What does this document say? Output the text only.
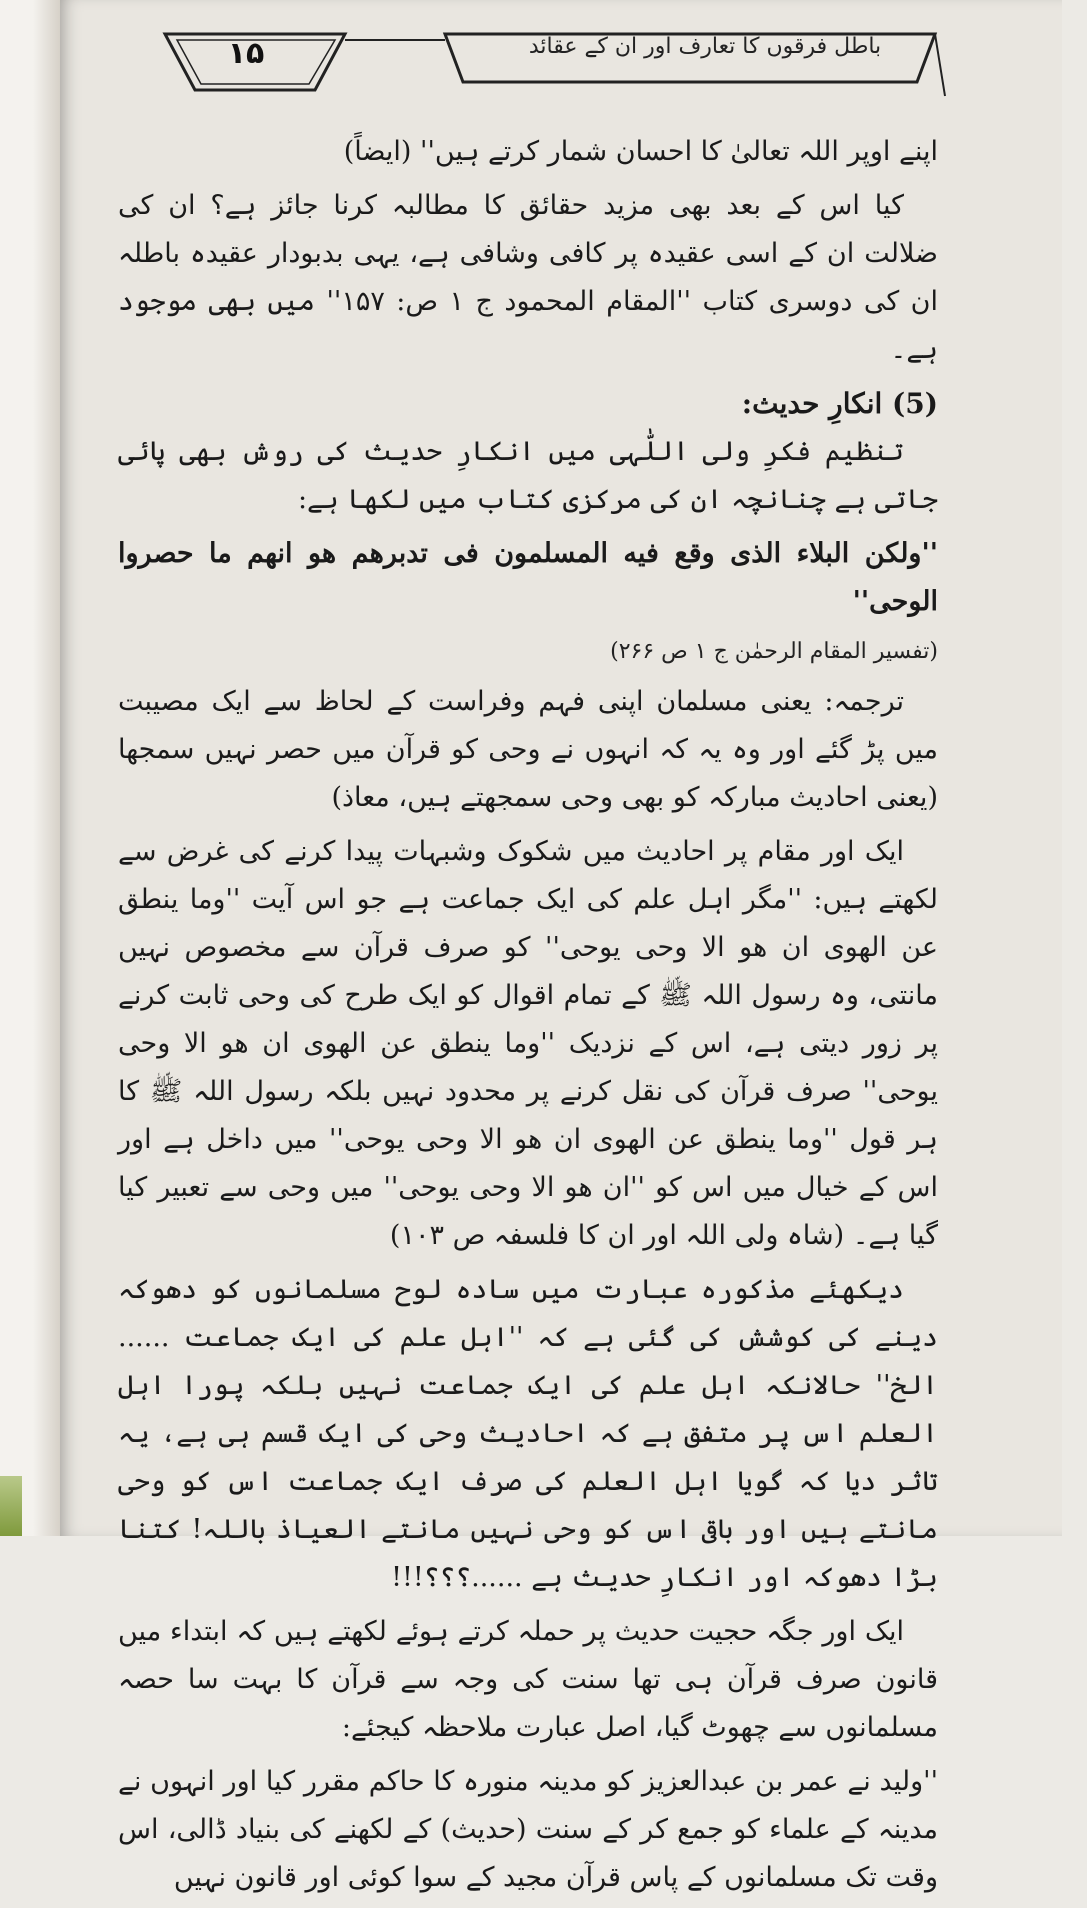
۱۵	باطل فرقوں کا تعارف اور ان کے عقائد

اپنے اوپر اللہ تعالیٰ کا احسان شمار کرتے ہیں'' (ایضاً)

کیا اس کے بعد بھی مزید حقائق کا مطالبہ کرنا جائز ہے؟ ان کی ضلالت ان کے اسی عقیدہ پر کافی وشافی ہے، یہی بدبودار عقیدہ باطلہ ان کی دوسری کتاب ''المقام المحمود ج ۱ ص: ۱۵۷'' میں بھی موجود ہے۔

(5) انکارِ حدیث:

تنظیم فکرِ ولی اللّٰہی میں انکارِ حدیث کی روش بھی پائی جاتی ہے چنانچہ ان کی مرکزی کتاب میں لکھا ہے:

''ولکن البلاء الذی وقع فیه المسلمون فی تدبرھم ھو انھم ما حصروا الوحی''

(تفسیر المقام الرحمٰن ج ۱ ص ۲۶۶)

ترجمہ: یعنی مسلمان اپنی فہم وفراست کے لحاظ سے ایک مصیبت میں پڑ گئے اور وہ یہ کہ انہوں نے وحی کو قرآن میں حصر نہیں سمجھا (یعنی احادیث مبارکہ کو بھی وحی سمجھتے ہیں، معاذ)

ایک اور مقام پر احادیث میں شکوک وشبہات پیدا کرنے کی غرض سے لکھتے ہیں: ''مگر اہل علم کی ایک جماعت ہے جو اس آیت ''وما ینطق عن الھوی ان ھو الا وحی یوحی'' کو صرف قرآن سے مخصوص نہیں مانتی، وہ رسول اللہ ﷺ کے تمام اقوال کو ایک طرح کی وحی ثابت کرنے پر زور دیتی ہے، اس کے نزدیک ''وما ینطق عن الھوی ان ھو الا وحی یوحی'' صرف قرآن کی نقل کرنے پر محدود نہیں بلکہ رسول اللہ ﷺ کا ہر قول ''وما ینطق عن الھوی ان ھو الا وحی یوحی'' میں داخل ہے اور اس کے خیال میں اس کو ''ان ھو الا وحی یوحی'' میں وحی سے تعبیر کیا گیا ہے۔ (شاہ ولی اللہ اور ان کا فلسفہ ص ۱۰۳)

دیکھئے مذکورہ عبارت میں سادہ لوح مسلمانوں کو دھوکہ دینے کی کوشش کی گئی ہے کہ ''اہل علم کی ایک جماعت ...... الخ'' حالانکہ اہل علم کی ایک جماعت نہیں بلکہ پورا اہل العلم اس پر متفق ہے کہ احادیث وحی کی ایک قسم ہی ہے، یہ تاثر دیا کہ گویا اہل العلم کی صرف ایک جماعت اس کو وحی مانتے ہیں اور باقی اس کو وحی نہیں مانتے العیاذ باللہ! کتنا بڑا دھوکہ اور انکارِ حدیث ہے ......؟؟؟!!!

ایک اور جگہ حجیت حدیث پر حملہ کرتے ہوئے لکھتے ہیں کہ ابتداء میں قانون صرف قرآن ہی تھا سنت کی وجہ سے قرآن کا بہت سا حصہ مسلمانوں سے چھوٹ گیا، اصل عبارت ملاحظہ کیجئے:

''ولید نے عمر بن عبدالعزیز کو مدینہ منورہ کا حاکم مقرر کیا اور انہوں نے مدینہ کے علماء کو جمع کر کے سنت (حدیث) کے لکھنے کی بنیاد ڈالی، اس وقت تک مسلمانوں کے پاس قرآن مجید کے سوا کوئی اور قانون نہیں
